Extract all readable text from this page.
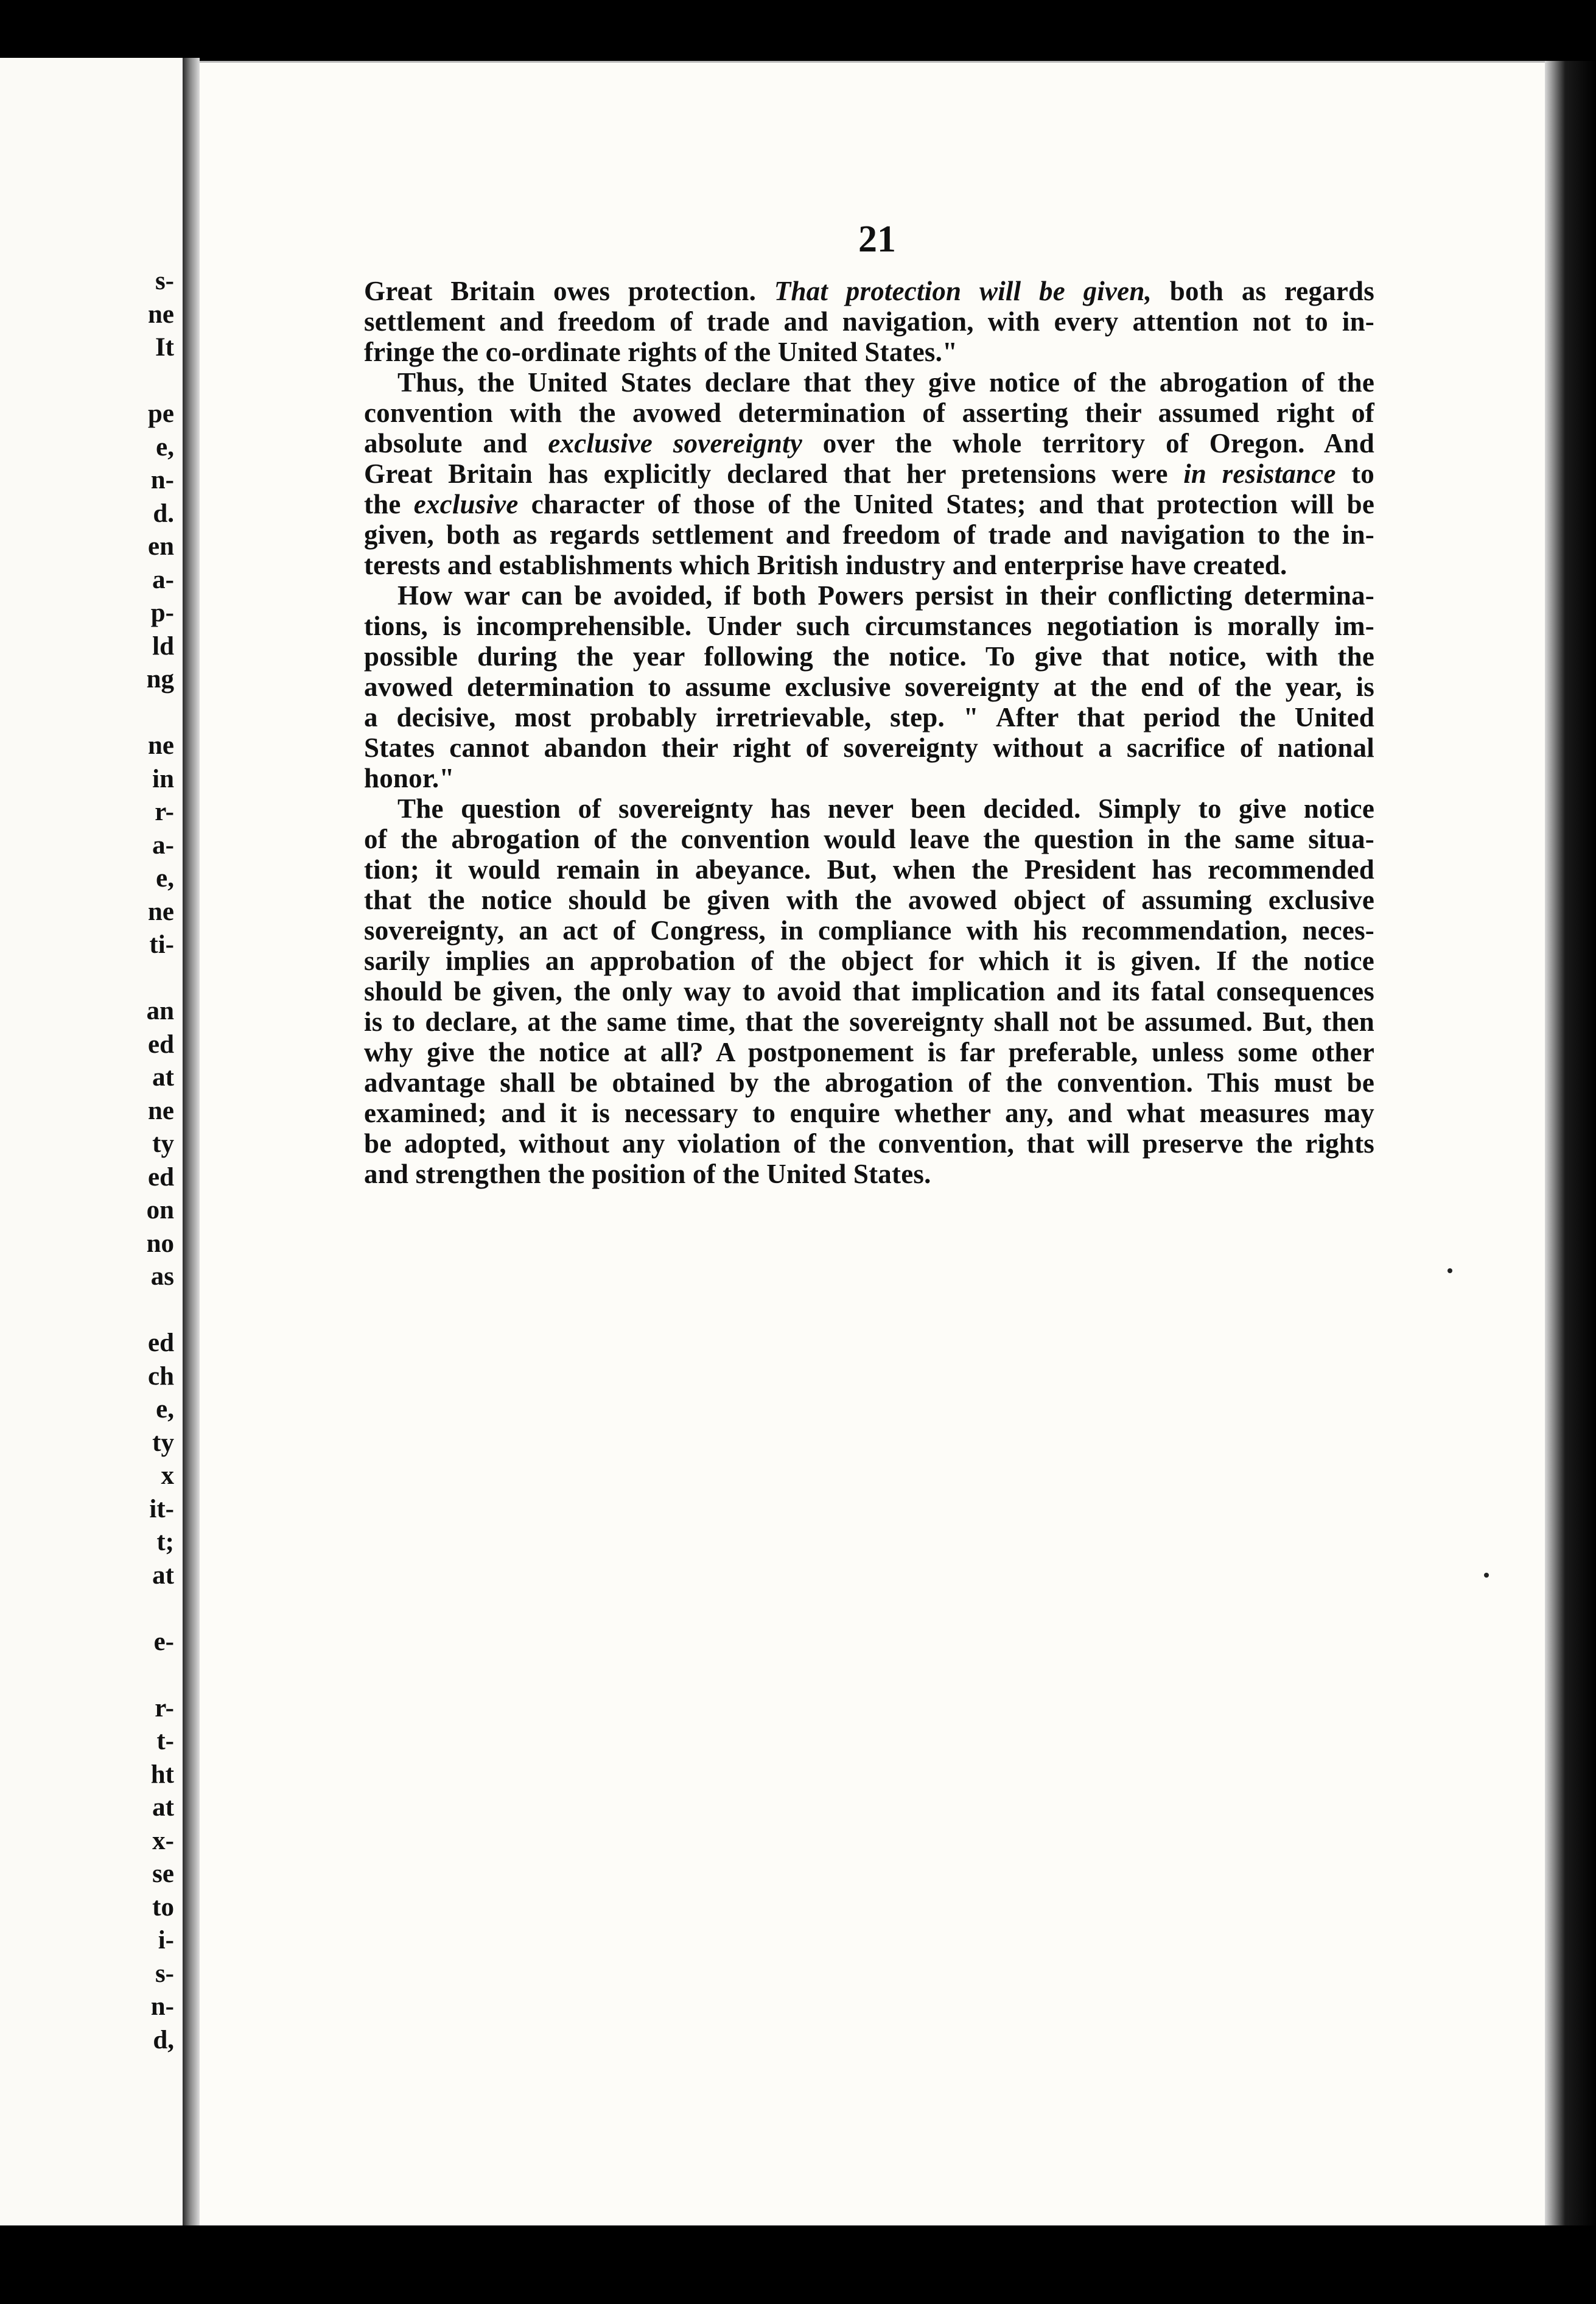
s-
ne
It
pe
e,
n-
d.
en
a-
p-
ld
ng
ne
in
r-
a-
e,
ne
ti-
an
ed
at
ne
ty
ed
on
no
as
ed
ch
e,
ty
x
it-
t;
at
e-
r-
t-
ht
at
x-
se
to
i-
s-
n-
d,
21

Great Britain owes protection. That protection will be given, both as regards
settlement and freedom of trade and navigation, with every attention not to in-
fringe the co-ordinate rights of the United States."

Thus, the United States declare that they give notice of the abrogation of the
convention with the avowed determination of asserting their assumed right of
absolute and exclusive sovereignty over the whole territory of Oregon. And
Great Britain has explicitly declared that her pretensions were in resistance to
the exclusive character of those of the United States; and that protection will be
given, both as regards settlement and freedom of trade and navigation to the in-
terests and establishments which British industry and enterprise have created.

How war can be avoided, if both Powers persist in their conflicting determina-
tions, is incomprehensible. Under such circumstances negotiation is morally im-
possible during the year following the notice. To give that notice, with the
avowed determination to assume exclusive sovereignty at the end of the year, is
a decisive, most probably irretrievable, step. " After that period the United
States cannot abandon their right of sovereignty without a sacrifice of national
honor."

The question of sovereignty has never been decided. Simply to give notice
of the abrogation of the convention would leave the question in the same situa-
tion; it would remain in abeyance. But, when the President has recommended
that the notice should be given with the avowed object of assuming exclusive
sovereignty, an act of Congress, in compliance with his recommendation, neces-
sarily implies an approbation of the object for which it is given. If the notice
should be given, the only way to avoid that implication and its fatal consequences
is to declare, at the same time, that the sovereignty shall not be assumed. But, then
why give the notice at all? A postponement is far preferable, unless some other
advantage shall be obtained by the abrogation of the convention. This must be
examined; and it is necessary to enquire whether any, and what measures may
be adopted, without any violation of the convention, that will preserve the rights
and strengthen the position of the United States.
